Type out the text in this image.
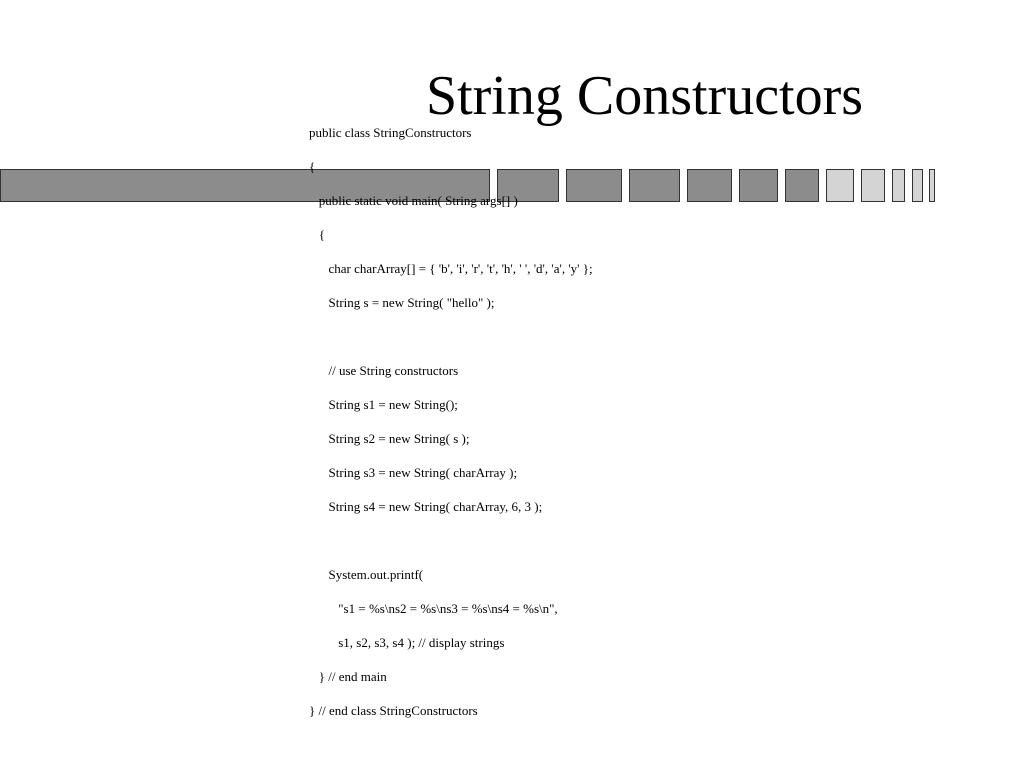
String Constructors
public class StringConstructors
{
public static void main( String args[] )
{
char charArray[] = { 'b', 'i', 'r', 't', 'h', ' ', 'd', 'a', 'y' };
String s = new String( "hello" );
// use String constructors
String s1 = new String();
String s2 = new String( s );
String s3 = new String( charArray );
String s4 = new String( charArray, 6, 3 );
System.out.printf(
"s1 = %s\ns2 = %s\ns3 = %s\ns4 = %s\n",
s1, s2, s3, s4 ); // display strings
} // end main
} // end class StringConstructors
